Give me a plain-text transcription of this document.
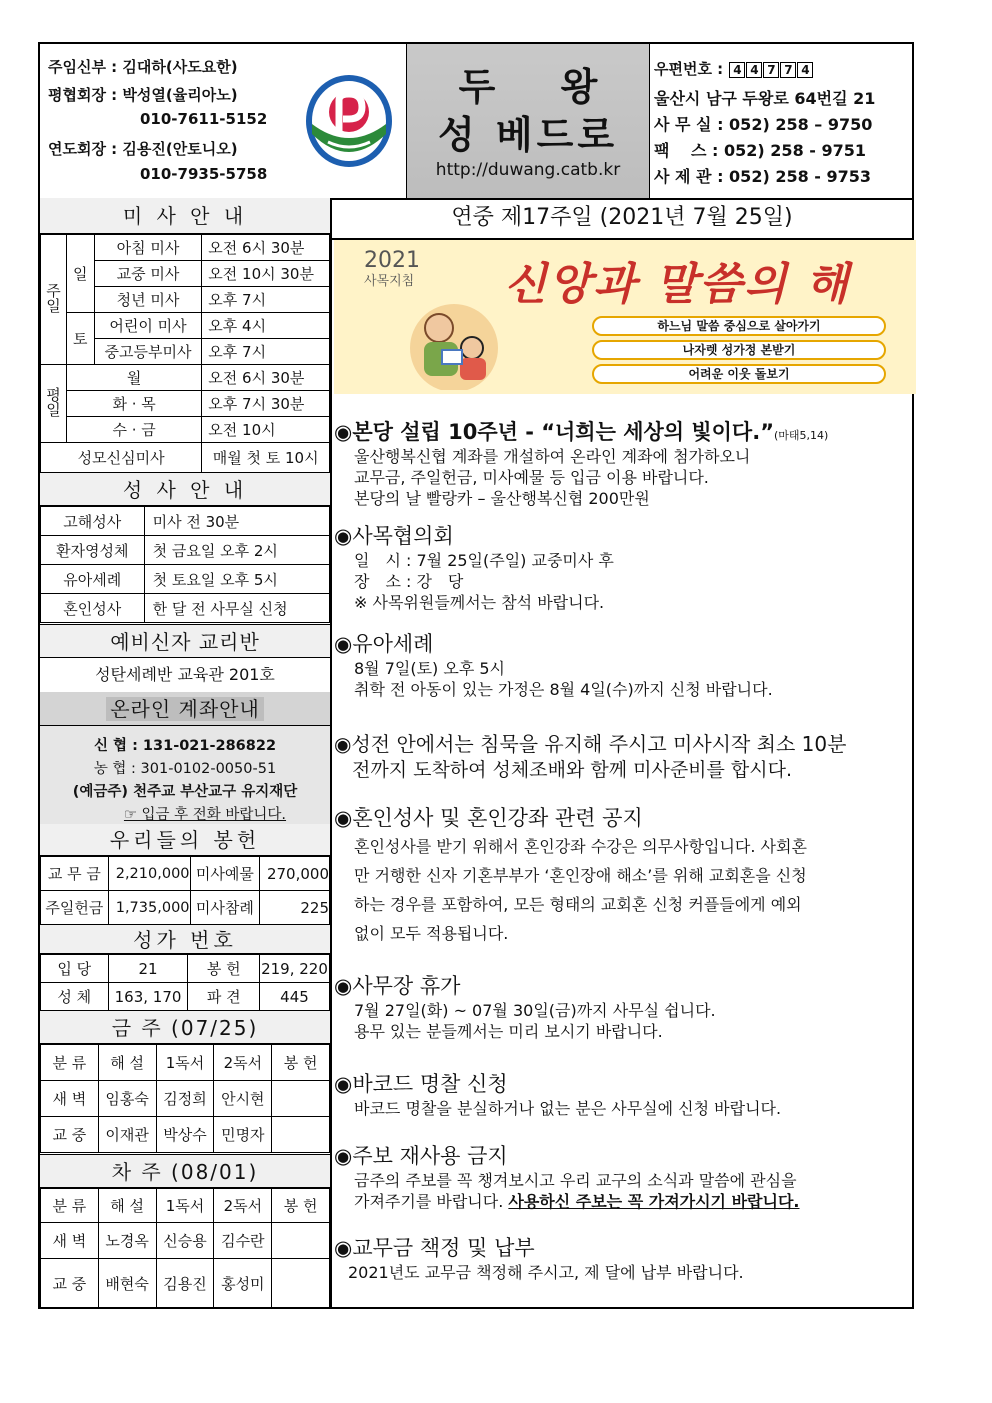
주임신부 : 김대하(사도요한)
평협회장 : 박성열(율리아노)
010-7611-5152
연도회장 : 김용진(안토니오)
010-7935-5758
두 왕
성 베드로
http://duwang.catb.kr
우편번호 : 4 4 7 7 4
울산시 남구 두왕로 64번길 21
사 무 실 : 052) 258 – 9750
팩　 스 : 052) 258 - 9751
사 제 관 : 052) 258 - 9753
미 사 안 내
주일	일	아침 미사	오전 6시 30분
		교중 미사	오전 10시 30분
		청년 미사	오후 7시
	토	어린이 미사	오후 4시
		중고등부미사	오후 7시
평일	월		오전 6시 30분
	화 · 목		오후 7시 30분
	수 · 금		오전 10시
성모신심미사			매월 첫 토 10시
성 사 안 내
고해성사	미사 전 30분
환자영성체	첫 금요일 오후 2시
유아세례	첫 토요일 오후 5시
혼인성사	한 달 전 사무실 신청
예비신자 교리반
성탄세례반 교육관 201호
온라인 계좌안내
신 협 : 131-021-286822
농 협 : 301-0102-0050-51
(예금주) 천주교 부산교구 유지재단
☞ 입금 후 전화 바랍니다.
우리들의 봉헌
교 무 금	2,210,000	미사예물	270,000
주일헌금	1,735,000	미사참례	225
성가 번호
입 당	21	봉 헌	219, 220
성 체	163, 170	파 견	445
금 주 (07/25)
분 류	해 설	1독서	2독서	봉 헌
새 벽	임홍숙	김정희	안시현	
교 중	이재관	박상수	민명자	
차 주 (08/01)
분 류	해 설	1독서	2독서	봉 헌
새 벽	노경옥	신승용	김수란	
교 중	배현숙	김용진	홍성미	
연중 제17주일 (2021년 7월 25일)
2021
사목지침 신앙과 말씀의 해
하느님 말씀 중심으로 살아가기
나자렛 성가정 본받기
어려운 이웃 돌보기
◉본당 설립 10주년 - “너희는 세상의 빛이다.”(마태5,14)

울산행복신협 계좌를 개설하여 온라인 계좌에 첨가하오니

교무금, 주일헌금, 미사예물 등 입금 이용 바랍니다.

본당의 날 빨랑카 – 울산행복신협 200만원

◉사목협의회

일　시 : 7월 25일(주일) 교중미사 후

장　소 : 강　당

※ 사목위원들께서는 참석 바랍니다.

◉유아세례

8월 7일(토) 오후 5시

취학 전 아동이 있는 가정은 8월 4일(수)까지 신청 바랍니다.

◉성전 안에서는 침묵을 유지해 주시고 미사시작 최소 10분

전까지 도착하여 성체조배와 함께 미사준비를 합시다.

◉혼인성사 및 혼인강좌 관련 공지

혼인성사를 받기 위해서 혼인강좌 수강은 의무사항입니다. 사회혼

만 거행한 신자 기혼부부가 ‘혼인장애 해소’를 위해 교회혼을 신청

하는 경우를 포함하여, 모든 형태의 교회혼 신청 커플들에게 예외

없이 모두 적용됩니다.

◉사무장 휴가

7월 27일(화) ~ 07월 30일(금)까지 사무실 쉽니다.

용무 있는 분들께서는 미리 보시기 바랍니다.

◉바코드 명찰 신청

바코드 명찰을 분실하거나 없는 분은 사무실에 신청 바랍니다.

◉주보 재사용 금지

금주의 주보를 꼭 챙겨보시고 우리 교구의 소식과 말씀에 관심을

가져주기를 바랍니다. 사용하신 주보는 꼭 가져가시기 바랍니다.

◉교무금 책정 및 납부

2021년도 교무금 책정해 주시고, 제 달에 납부 바랍니다.
